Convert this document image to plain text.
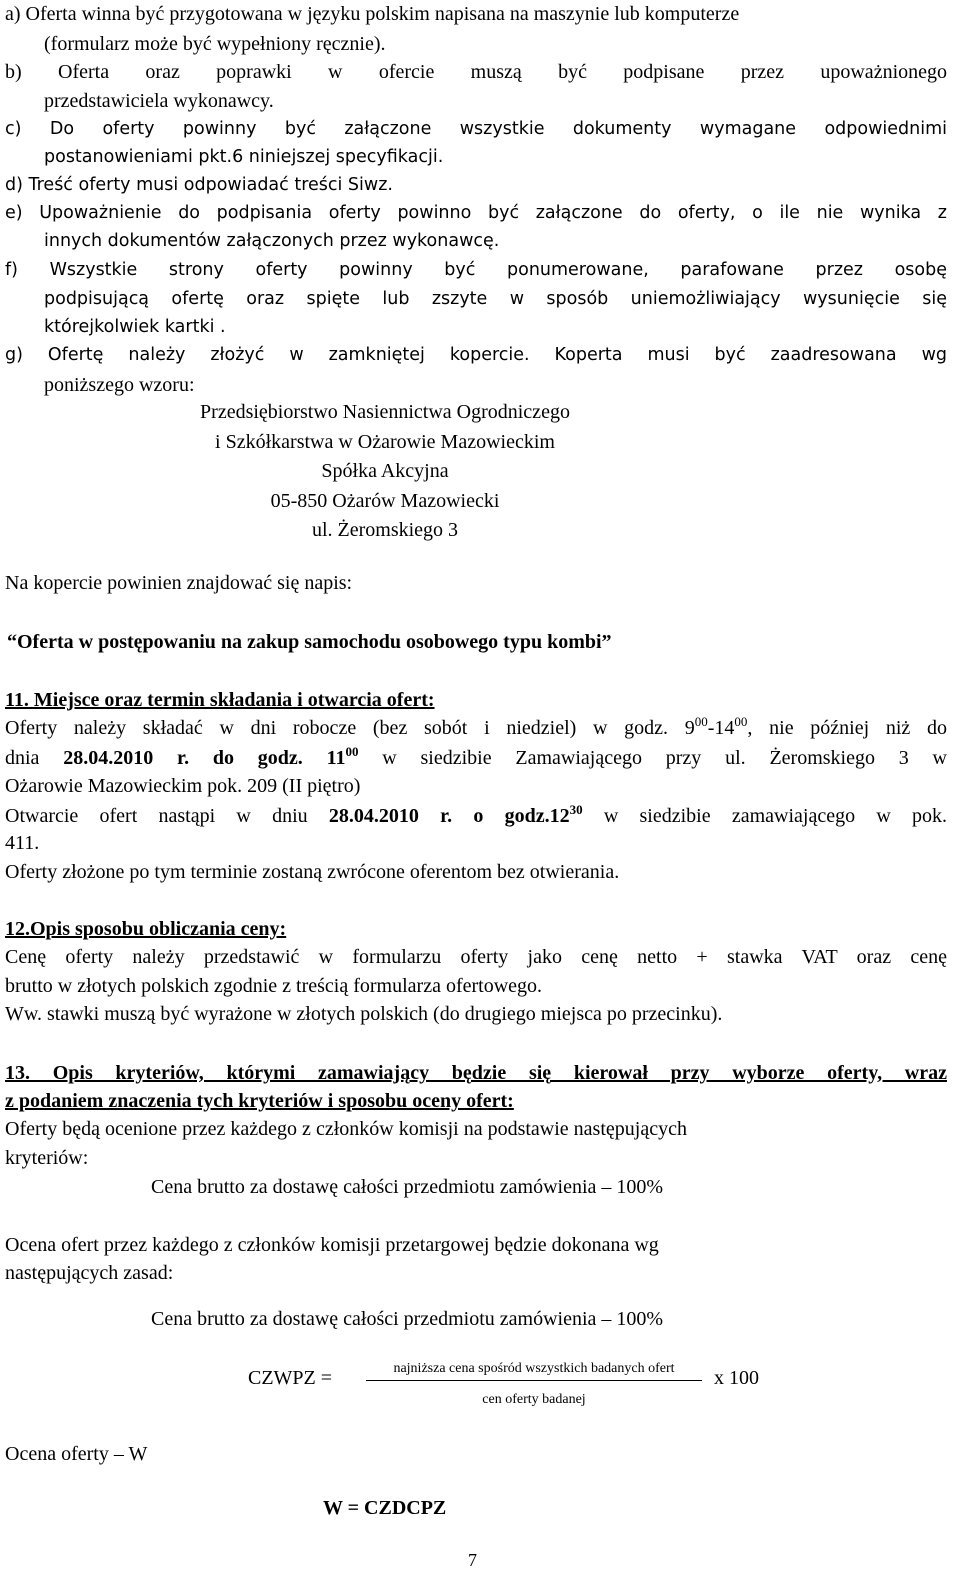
a) Oferta winna być przygotowana w języku polskim napisana na maszynie lub komputerze
(formularz może być wypełniony ręcznie).
b) Oferta oraz poprawki w ofercie muszą być podpisane przez upoważnionego
przedstawiciela wykonawcy.
c) Do oferty powinny być załączone wszystkie dokumenty wymagane odpowiednimi
postanowieniami pkt.6 niniejszej specyfikacji.
d) Treść oferty musi odpowiadać treści Siwz.
e) Upoważnienie do podpisania oferty powinno być załączone do oferty, o ile nie wynika z
innych dokumentów załączonych przez wykonawcę.
f) Wszystkie strony oferty powinny być ponumerowane, parafowane przez osobę
podpisującą ofertę oraz spięte lub zszyte w sposób uniemożliwiający wysunięcie się
którejkolwiek kartki .
g) Ofertę należy złożyć w zamkniętej kopercie. Koperta musi być zaadresowana wg
poniższego wzoru:
Przedsiębiorstwo Nasiennictwa Ogrodniczego
i Szkółkarstwa w Ożarowie Mazowieckim
Spółka Akcyjna
05-850 Ożarów Mazowiecki
ul. Żeromskiego 3
Na kopercie powinien znajdować się napis:
“Oferta w postępowaniu na zakup samochodu osobowego typu kombi”
11. Miejsce oraz termin składania i otwarcia ofert:
Oferty należy składać w dni robocze (bez sobót i niedziel) w godz. $9^{00}-14^{00}$, nie później niż do
dnia 28.04.2010 r. do godz. $11^{00}$ w siedzibie Zamawiającego przy ul. Żeromskiego 3 w
Ożarowie Mazowieckim pok. 209 (II piętro)
Otwarcie ofert nastąpi w dniu 28.04.2010 r. o $godz.12^{30}$ w siedzibie zamawiającego w pok.
411.
Oferty złożone po tym terminie zostaną zwrócone oferentom bez otwierania.
12.Opis sposobu obliczania ceny:
Cenę oferty należy przedstawić w formularzu oferty jako cenę netto + stawka VAT oraz cenę
brutto w złotych polskich zgodnie z treścią formularza ofertowego.
Ww. stawki muszą być wyrażone w złotych polskich (do drugiego miejsca po przecinku).
13. Opis kryteriów, którymi zamawiający będzie się kierował przy wyborze oferty, wraz
z podaniem znaczenia tych kryteriów i sposobu oceny ofert:
Oferty będą ocenione przez każdego z członków komisji na podstawie następujących
kryteriów:
Cena brutto za dostawę całości przedmiotu zamówienia – 100%
Ocena ofert przez każdego z członków komisji przetargowej będzie dokonana wg
następujących zasad:
Cena brutto za dostawę całości przedmiotu zamówienia – 100%
CZWPZ =	najniższa cena spośród wszystkich badanych ofert
cen oferty badanej
x 100
Ocena oferty – W
W = CZDCPZ
7
